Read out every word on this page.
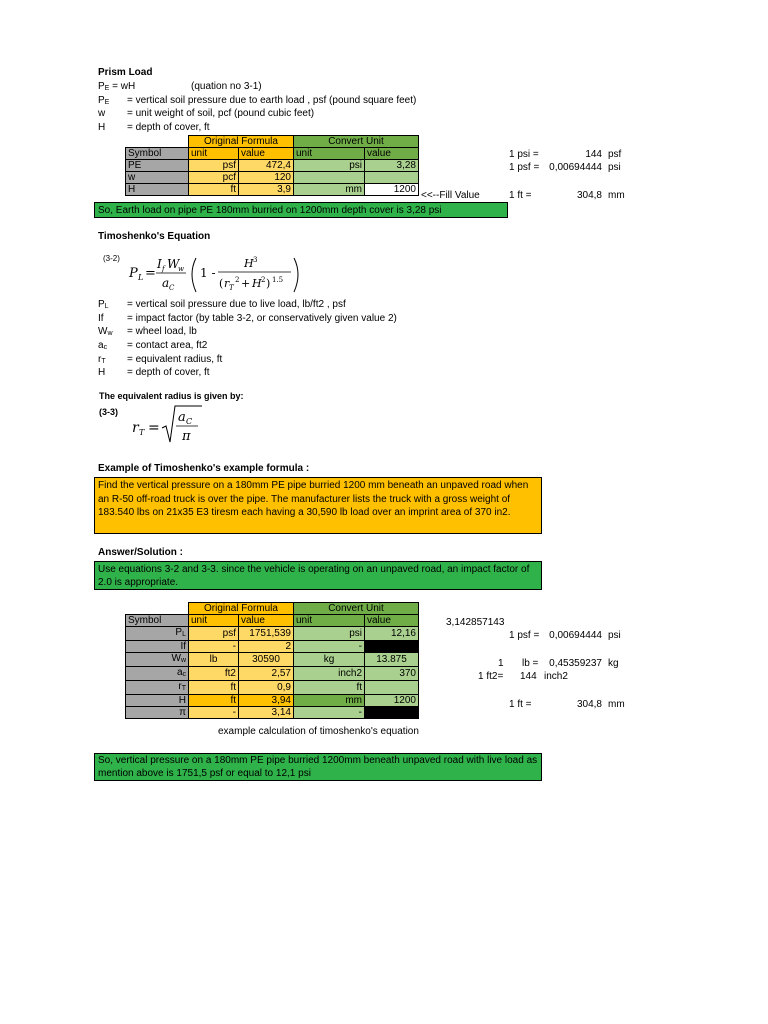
Prism Load
PE = wH	(quation no 3-1)
PE = vertical soil pressure due to earth load , psf (pound square feet)
w = unit weight of soil, pcf (pound cubic feet)
H = depth of cover, ft
	Original Formula		Convert Unit	
Symbol	unit	value	unit	value
PE	psf	472,4	psi	3,28
w	pcf	120		
H	ft	3,9	mm	1200
<<--Fill Value
1 psi =	144 psf
1 psf = 0,00694444 psi
1 ft =	304,8 mm
So, Earth load on pipe PE 180mm burried on 1200mm depth cover is 3,28 psi
Timoshenko's Equation
(3-2)
P L =
I f W
w
a C
1 -
H 3
( r T
2 + H 2 ) 1.5
PL = vertical soil pressure due to live load, lb/ft2 , psf
If = impact factor (by table 3-2, or conservatively given value 2)
Ww = wheel load, lb
ac = contact area, ft2
rT = equivalent radius, ft
H = depth of cover, ft
The equivalent radius is given by:
(3-3)
r T =
a C
π
Example of Timoshenko's example formula :
Find the vertical pressure on a 180mm PE pipe burried 1200 mm beneath an unpaved road when an R-50 off-road truck is over the pipe. The manufacturer lists the truck with a gross weight of 183.540 lbs on 21x35 E3 tiresm each having a 30,590 lb load over an imprint area of 370 in2.
Answer/Solution :
Use equations 3-2 and 3-3. since the vehicle is operating on an unpaved road, an impact factor of 2.0 is appropriate.
	Original Formula		Convert Unit	
Symbol	unit	value	unit	value
PL	psf	1751,539	psi	12,16
If	-	2	-	
Ww	lb	30590	kg	13.875
ac	ft2	2,57	inch2	370
rT	ft	0,9	ft	
H	ft	3,94	mm	1200
π	-	3,14	-	
example calculation of timoshenko's equation
3,142857143
1 psf = 0,00694444 psi
1 lb =	0,45359237 kg
1 ft2= 144 inch2
1 ft =	304,8 mm
So, vertical pressure on a 180mm PE pipe burried 1200mm beneath unpaved road with live load as mention above is 1751,5 psf or equal to 12,1 psi
